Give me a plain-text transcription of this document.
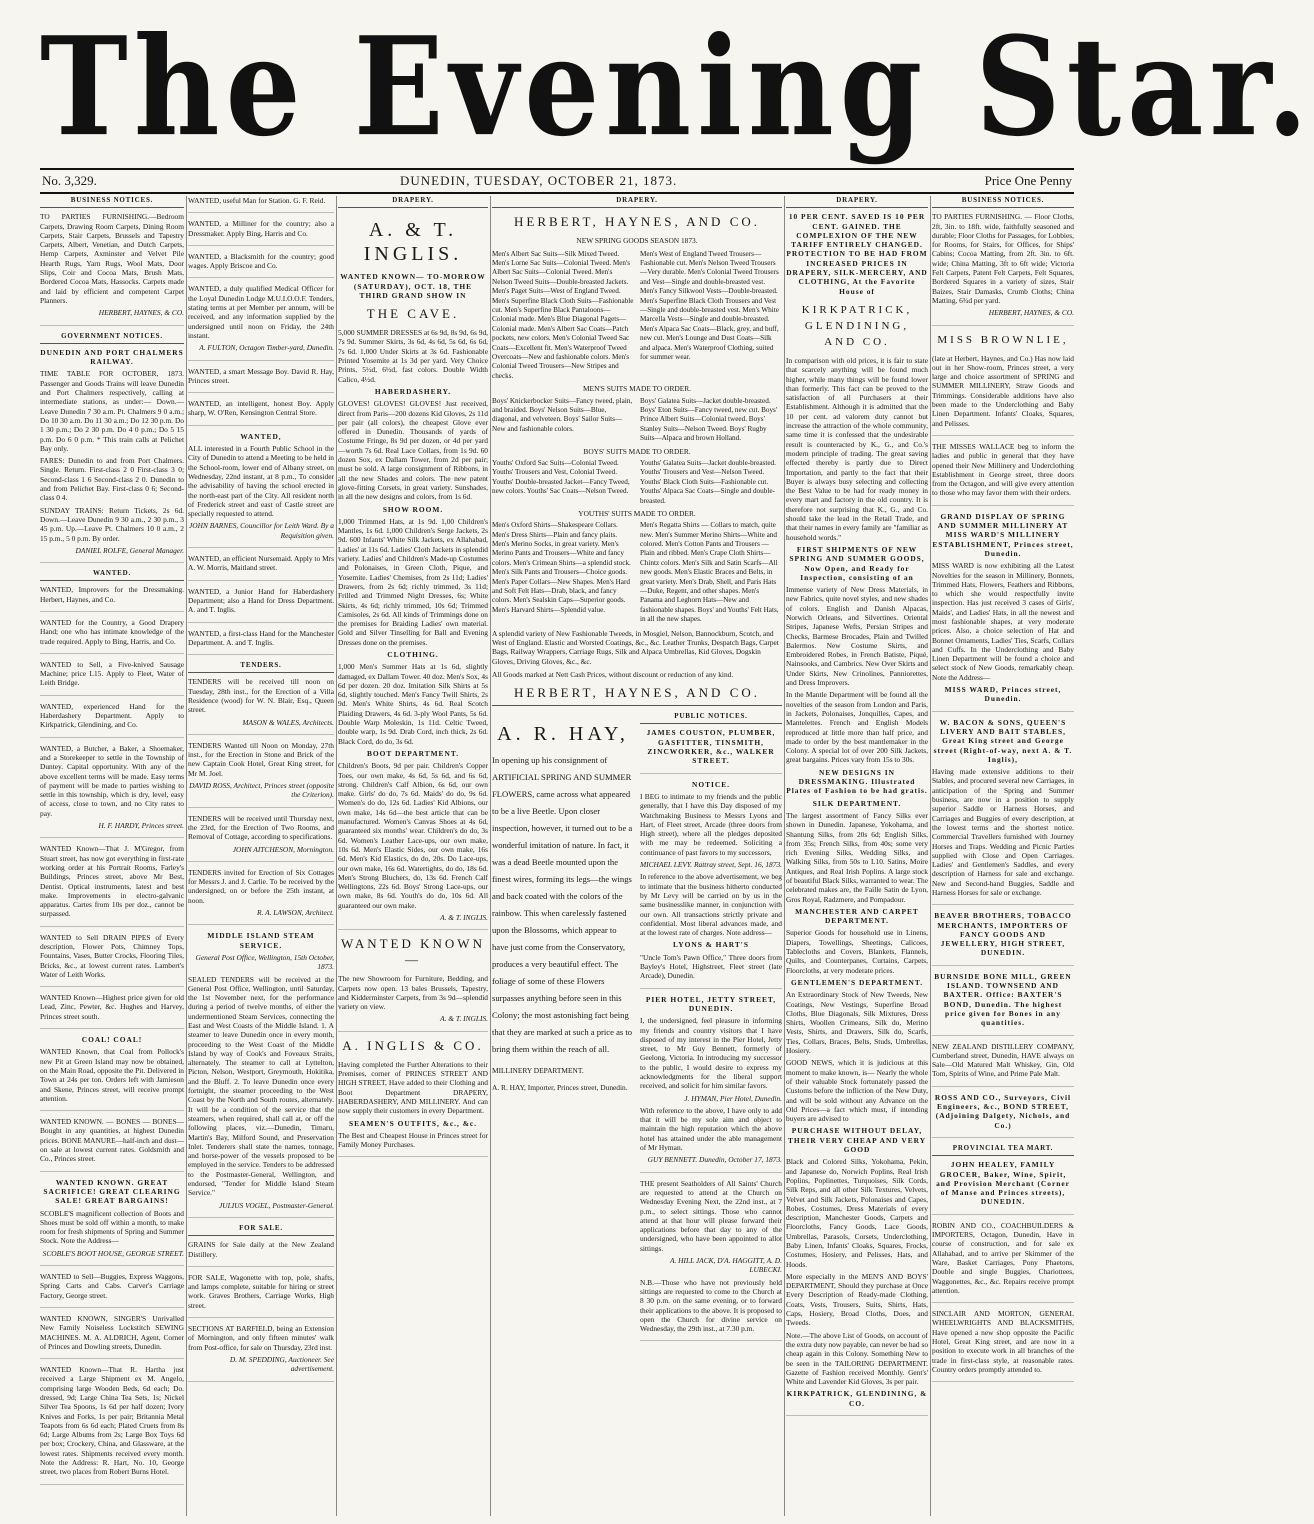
The Evening Star.
No. 3,329.	DUNEDIN, TUESDAY, OCTOBER 21, 1873.	Price One Penny
BUSINESS NOTICES.

TO PARTIES FURNISHING.—Bedroom Carpets, Drawing Room Carpets, Dining Room Carpets, Stair Carpets, Brussels and Tapestry Carpets, Albert, Venetian, and Dutch Carpets, Hemp Carpets, Axminster and Velvet Pile Hearth Rugs, Yarn Rugs, Wool Mats, Door Slips, Coir and Cocoa Mats, Brush Mats, Bordered Cocoa Mats, Hassocks. Carpets made and laid by efficient and competent Carpet Planners.

HERBERT, HAYNES, & CO.

GOVERNMENT NOTICES.

DUNEDIN AND PORT CHALMERS RAILWAY.

TIME TABLE FOR OCTOBER, 1873. Passenger and Goods Trains will leave Dunedin and Port Chalmers respectively, calling at intermediate stations, as under:— Down.—Leave Dunedin 7 30 a.m. Pt. Chalmers 9 0 a.m.; Do 10 30 a.m. Do 11 30 a.m.; Do 12 30 p.m. Do 1 30 p.m.; Do 2 30 p.m. Do 4 0 p.m.; Do 5 15 p.m. Do 6 0 p.m. * This train calls at Pelichet Bay only.

FARES: Dunedin to and from Port Chalmers. Single. Return. First-class 2 0 First-class 3 0; Second-class 1 6 Second-class 2 0. Dunedin to and from Pelichet Bay. First-class 0 6; Second-class 0 4.

SUNDAY TRAINS: Return Tickets, 2s 6d. Down.—Leave Dunedin 9 30 a.m., 2 30 p.m., 3 45 p.m. Up.—Leave Pt. Chalmers 10 0 a.m., 2 15 p.m., 5 0 p.m. By order.

DANIEL ROLFE, General Manager.

WANTED.

WANTED, Improvers for the Dressmaking. Herbert, Haynes, and Co.

WANTED for the Country, a Good Drapery Hand; one who has intimate knowledge of the trade required. Apply to Bing, Harris, and Co.

WANTED to Sell, a Five-knived Sausage Machine; price L15. Apply to Fleet, Water of Leith Bridge.

WANTED, experienced Hand for the Haberdashery Department. Apply to Kirkpatrick, Glendining, and Co.

WANTED, a Butcher, a Baker, a Shoemaker, and a Storekeeper to settle in the Township of Duntey. Capital opportunity. With any of the above excellent terms will be made. Easy terms of payment will be made to parties wishing to settle in this township, which is dry, level, easy of access, close to town, and no City rates to pay.

H. F. HARDY, Princes street.

WANTED Known—That J. M'Gregor, from Stuart street, has now got everything in first-rate working order at his Portrait Rooms, Farley's Buildings, Princes street, above Mr Best, Dentist. Optical instruments, latest and best make. Improvements in electro-galvanic apparatus. Cartes from 10s per doz., cannot be surpassed.

WANTED to Sell DRAIN PIPES of Every description, Flower Pots, Chimney Tops, Fountains, Vases, Butter Crocks, Flooring Tiles, Bricks, &c., at lowest current rates. Lambert's Water of Leith Works.

WANTED Known—Highest price given for old Lead, Zinc, Pewter, &c. Hughes and Harvey, Princes street south.

COAL! COAL!

WANTED Known, that Coal from Pollock's new Pit at Green Island may now be obtained, on the Main Road, opposite the Pit. Delivered in Town at 24s per ton. Orders left with Jamieson and Skene, Princes street, will receive prompt attention.

WANTED KNOWN. — BONES — BONES—Bought in any quantities, at highest Dunedin prices. BONE MANURE—half-inch and dust—on sale at lowest current rates. Goldsmith and Co., Princes street.

WANTED KNOWN. GREAT SACRIFICE! GREAT CLEARING SALE! GREAT BARGAINS!

SCOBLE'S magnificent collection of Boots and Shoes must be sold off within a month, to make room for fresh shipments of Spring and Summer Stock. Note the Address—

SCOBLE'S BOOT HOUSE, GEORGE STREET.

WANTED to Sell—Buggies, Express Waggons, Spring Carts and Cabs. Carver's Carriage Factory, George street.

WANTED KNOWN, SINGER'S Unrivalled New Family Noiseless Lockstitch SEWING MACHINES. M. A. ALDRICH, Agent, Corner of Princes and Dowling streets, Dunedin.

WANTED Known—That R. Hartha just received a Large Shipment ex M. Angelo, comprising large Wooden Beds, 6d each; Do. dressed, 9d; Large China Tea Sets, 1s; Nickel Silver Tea Spoons, 1s 6d per half dozen; Ivory Knives and Forks, 1s per pair; Britannia Metal Teapots from 6s 6d each; Plated Cruets from 8s 6d; Large Albums from 2s; Large Box Toys 6d per box; Crockery, China, and Glassware, at the lowest rates. Shipments received every month. Note the Address: R. Hart, No. 10, George street, two places from Robert Burns Hotel.

WANTED, useful Man for Station. G. F. Reid.

WANTED, a Milliner for the country; also a Dressmaker. Apply Bing, Harris and Co.

WANTED, a Blacksmith for the country; good wages. Apply Briscoe and Co.

WANTED, a duly qualified Medical Officer for the Loyal Dunedin Lodge M.U.I.O.O.F. Tenders, stating terms at per Member per annum, will be received, and any information supplied by the undersigned until noon on Friday, the 24th instant.

A. FULTON, Octagon Timber-yard, Dunedin.

WANTED, a smart Message Boy. David R. Hay, Princes street.

WANTED, an intelligent, honest Boy. Apply sharp, W. O'Ren, Kensington Central Store.

WANTED,

ALL interested in a Fourth Public School in the City of Dunedin to attend a Meeting to be held in the School-room, lower end of Albany street, on Wednesday, 22nd instant, at 8 p.m., To consider the advisability of having the school erected in the north-east part of the City. All resident north of Frederick street and east of Castle street are specially requested to attend.

JOHN BARNES, Councillor for Leith Ward. By a Requisition given.

WANTED, an efficient Nursemaid. Apply to Mrs A. W. Morris, Maitland street.

WANTED, a Junior Hand for Haberdashery Department; also a Hand for Dress Department. A. and T. Inglis.

WANTED, a first-class Hand for the Manchester Department. A. and T. Inglis.

TENDERS.

TENDERS will be received till noon on Tuesday, 28th inst., for the Erection of a Villa Residence (wood) for W. N. Blair, Esq., Queen street.

MASON & WALES, Architects.

TENDERS Wanted till Noon on Monday, 27th inst., for the Erection in Stone and Brick of the new Captain Cook Hotel, Great King street, for Mr M. Joel.

DAVID ROSS, Architect, Princes street (opposite the Criterion).

TENDERS will be received until Thursday next, the 23rd, for the Erection of Two Rooms, and Removal of Cottage, according to specifications.

JOHN AITCHESON, Mornington.

TENDERS invited for Erection of Six Cottages for Messrs J. and J. Carlie. To be received by the undersigned, on or before the 25th instant, at noon.

R. A. LAWSON, Architect.

MIDDLE ISLAND STEAM SERVICE.

General Post Office, Wellington, 15th October, 1873.

SEALED TENDERS will be received at the General Post Office, Wellington, until Saturday, the 1st November next, for the performance during a period of twelve months, of either the undermentioned Steam Services, connecting the East and West Coasts of the Middle Island. 1. A steamer to leave Dunedin once in every month, proceeding to the West Coast of the Middle Island by way of Cook's and Foveaux Straits, alternately. The steamer to call at Lyttelton, Picton, Nelson, Westport, Greymouth, Hokitika, and the Bluff. 2. To leave Dunedin once every fortnight, the steamer proceeding to the West Coast by the North and South routes, alternately. It will be a condition of the service that the steamers, when required, shall call at, or off the following places, viz.—Dunedin, Timaru, Martin's Bay, Milford Sound, and Preservation Inlet. Tenderers shall state the names, tonnage, and horse-power of the vessels proposed to be employed in the service. Tenders to be addressed to the Postmaster-General, Wellington, and endorsed, "Tender for Middle Island Steam Service."

JULIUS VOGEL, Postmaster-General.

FOR SALE.

GRAINS for Sale daily at the New Zealand Distillery.

FOR SALE, Wagonette with top, pole, shafts, and lamps complete, suitable for hiring or street work. Graves Brothers, Carriage Works, High street.

SECTIONS AT BARFIELD, being an Extension of Mornington, and only fifteen minutes' walk from Post-office, for sale on Thursday, 23rd inst.

D. M. SPEDDING, Auctioneer. See advertisement.

DRAPERY.
A. & T. INGLIS.

WANTED KNOWN— TO-MORROW (SATURDAY), OCT. 18, THE THIRD GRAND SHOW IN

THE CAVE.

5,000 SUMMER DRESSES at 6s 9d, 8s 9d, 6s 9d, 7s 9d. Summer Skirts, 3s 6d, 4s 6d, 5s 6d, 6s 6d, 7s 6d. 1,000 Under Skirts at 3s 6d. Fashionable Printed Yosemite at 1s 3d per yard. Very Choice Prints, 5½d, 6½d, fast colors. Double Width Calico, 4½d.

HABERDASHERY.

GLOVES! GLOVES! GLOVES! Just received, direct from Paris—200 dozens Kid Gloves, 2s 11d per pair (all colors), the cheapest Glove ever offered in Dunedin. Thousands of yards of Costume Fringe, 8s 9d per dozen, or 4d per yard—worth 7s 6d. Real Lace Collars, from 1s 9d. 60 dozen Sox, ex Dallam Tower, from 2d per pair; must be sold. A large consignment of Ribbons, in all the new Shades and colors. The new patent glove-fitting Corsets, in great variety. Sunshades, in all the new designs and colors, from 1s 6d.

SHOW ROOM.

1,000 Trimmed Hats, at 1s 9d. 1,00 Children's Mantles, 1s 6d. 1,000 Children's Serge Jackets, 2s 9d. 600 Infants' White Silk Jackets, ex Allahabad, Ladies' at 11s 6d. Ladies' Cloth Jackets in splendid variety. Ladies' and Children's Made-up Costumes and Polonaises, in Green Cloth, Pique, and Yosemite. Ladies' Chemises, from 2s 11d; Ladies' Drawers, from 2s 6d; richly trimmed, 3s 11d; Frilled and Trimmed Night Dresses, 6s; White Skirts, 4s 6d; richly trimmed, 10s 6d; Trimmed Camisoles, 2s 6d. All kinds of Trimmings done on the premises for Braiding Ladies' own material. Gold and Silver Tinselling for Ball and Evening Dresses done on the premises.

CLOTHING.

1,000 Men's Summer Hats at 1s 6d, slightly damaged, ex Dallam Tower. 40 doz. Men's Sox, 4s 6d per dozen. 20 doz. Imitation Silk Shirts at 5s 6d, slightly touched. Men's Fancy Twill Shirts, 2s 9d. Men's White Shirts, 4s 6d. Real Scotch Plaiding Drawers, 4s 6d. 3-ply Wool Pants, 5s 6d. Double Warp Moleskin, 1s 11d. Celtic Tweed, double warp, 1s 9d. Drab Cord, inch thick, 2s 6d. Black Cord, do do, 3s 6d.

BOOT DEPARTMENT.

Children's Boots, 9d per pair. Children's Copper Toes, our own make, 4s 6d, 5s 6d, and 6s 6d, strong. Children's Calf Albion, 6s 6d, our own make. Girls' do do, 7s 6d. Maids' do do, 9s 6d. Women's do do, 12s 6d. Ladies' Kid Albions, our own make, 14s 6d—the best article that can be manufactured. Women's Canvas Shoes at 4s 6d, guaranteed six months' wear. Children's do do, 3s 6d. Women's Leather Lace-ups, our own make, 10s 6d. Men's Elastic Sides, our own make, 16s 6d. Men's Kid Elastics, do do, 20s. Do Lace-ups, our own make, 16s 6d. Watertights, do do, 18s 6d. Men's Strong Bluchers, do, 13s 6d. French Calf Wellingtons, 22s 6d. Boys' Strong Lace-ups, our own make, 8s 6d. Youth's do do, 10s 6d. All guaranteed our own make.

A. & T. INGLIS.

WANTED KNOWN—

The new Showroom for Furniture, Bedding, and Carpets now open. 13 bales Brussels, Tapestry, and Kidderminster Carpets, from 3s 9d—splendid variety on view.

A. & T. INGLIS.

A. INGLIS & CO.

Having completed the Further Alterations to their Premises, corner of PRINCES STREET AND HIGH STREET, Have added to their Clothing and Boot Department DRAPERY, HABERDASHERY, AND MILLINERY. And can now supply their customers in every Department.

SEAMEN'S OUTFITS, &c., &c.

The Best and Cheapest House in Princes street for Family Money Purchases.

DRAPERY.
HERBERT, HAYNES, AND CO.

NEW SPRING GOODS SEASON 1873.

Men's Albert Sac Suits—Silk Mixed Tweed. Men's Lorne Sac Suits—Colonial Tweed. Men's Albert Sac Suits—Colonial Tweed. Men's Nelson Tweed Suits—Double-breasted Jackets. Men's Paget Suits—West of England Tweed. Men's Superfine Black Cloth Suits—Fashionable cut. Men's Superfine Black Pantaloons—Colonial made. Men's Blue Diagonal Pagets—Colonial made. Men's Albert Sac Coats—Patch pockets, new colors. Men's Colonial Tweed Sac Coats—Excellent fit. Men's Waterproof Tweed Overcoats—New and fashionable colors. Men's Colonial Tweed Trousers—New Stripes and checks.
Men's West of England Tweed Trousers—Fashionable cut. Men's Nelson Tweed Trousers—Very durable. Men's Colonial Tweed Trousers and Vest—Single and double-breasted vest. Men's Fancy Silkwool Vests—Double-breasted. Men's Superfine Black Cloth Trousers and Vest—Single and double-breasted vest. Men's White Marcella Vests—Single and double-breasted. Men's Alpaca Sac Coats—Black, grey, and buff, new cut. Men's Lounge and Dust Coats—Silk and alpaca. Men's Waterproof Clothing, suited for summer wear.

MEN'S SUITS MADE TO ORDER.

Boys' Knickerbocker Suits—Fancy tweed, plain, and braided. Boys' Nelson Suits—Blue, diagonal, and velveteen. Boys' Sailor Suits—New and fashionable colors.
Boys' Galatea Suits—Jacket double-breasted. Boys' Eton Suits—Fancy tweed, new cut. Boys' Prince Albert Suits—Colonial tweed. Boys' Stanley Suits—Nelson Tweed. Boys' Rugby Suits—Alpaca and brown Holland.

BOYS' SUITS MADE TO ORDER.

Youths' Oxford Sac Suits—Colonial Tweed. Youths' Trousers and Vest, Colonial Tweed. Youths' Double-breasted Jacket—Fancy Tweed, new colors. Youths' Sac Coats—Nelson Tweed.
Youths' Galatea Suits—Jacket double-breasted. Youths' Trousers and Vest—Nelson Tweed. Youths' Black Cloth Suits—Fashionable cut. Youths' Alpaca Sac Coats—Single and double-breasted.

YOUTHS' SUITS MADE TO ORDER.

Men's Oxford Shirts—Shakespeare Collars. Men's Dress Shirts—Plain and fancy plaits. Men's Merino Socks, in great variety. Men's Merino Pants and Trousers—White and fancy colors. Men's Crimean Shirts—a splendid stock. Men's Silk Pants and Trousers—Choice goods. Men's Paper Collars—New Shapes. Men's Hard and Soft Felt Hats—Drab, black, and fancy colors. Men's Sealskin Caps—Superior goods. Men's Harvard Shirts—Splendid value.
Men's Regatta Shirts — Collars to match, quite new. Men's Summer Merino Shirts—White and colored. Men's Cotton Pants and Trousers — Plain and ribbed. Men's Crape Cloth Shirts—Chintz colors. Men's Silk and Satin Scarfs—All new goods. Men's Elastic Braces and Belts, in great variety. Men's Drab, Shell, and Paris Hats—Duke, Regent, and other shapes. Men's Panama and Leghorn Hats—New and fashionable shapes. Boys' and Youths' Felt Hats, in all the new shapes.

A splendid variety of New Fashionable Tweeds, in Mosgiel, Nelson, Bannockburn, Scotch, and West of England. Elastic and Worsted Coatings, &c., &c. Leather Trunks, Despatch Bags, Carpet Bags, Railway Wrappers, Carriage Rugs, Silk and Alpaca Umbrellas, Kid Gloves, Dogskin Gloves, Driving Gloves, &c., &c.

All Goods marked at Nett Cash Prices, without discount or reduction of any kind.

HERBERT, HAYNES, AND CO.
A. R. HAY,

In opening up his consignment of ARTIFICIAL SPRING AND SUMMER FLOWERS, came across what appeared to be a live Beetle. Upon closer inspection, however, it turned out to be a wonderful imitation of nature. In fact, it was a dead Beetle mounted upon the finest wires, forming its legs—the wings and back coated with the colors of the rainbow. This when carelessly fastened upon the Blossoms, which appear to have just come from the Conservatory, produces a very beautiful effect. The foliage of some of these Flowers surpasses anything before seen in this Colony; the most astonishing fact being that they are marked at such a price as to bring them within the reach of all.

MILLINERY DEPARTMENT.

A. R. HAY, Importer, Princes street, Dunedin.

PUBLIC NOTICES.

JAMES COUSTON, PLUMBER, GASFITTER, TINSMITH, ZINCWORKER, &c., WALKER STREET.

NOTICE.

I BEG to intimate to my friends and the public generally, that I have this Day disposed of my Watchmaking Business to Messrs Lyons and Hart, of Fleet street, Arcade (three doors from High street), where all the pledges deposited with me may be redeemed. Soliciting a continuance of past favors to my successors,

MICHAEL LEVY. Rattray street, Sept. 16, 1873.

In reference to the above advertisement, we beg to intimate that the business hitherto conducted by Mr Levy will be carried on by us in the same businesslike manner, in conjunction with our own. All transactions strictly private and confidential. Most liberal advances made, and at the lowest rate of charges. Note address—

LYONS & HART'S

"Uncle Tom's Pawn Office," Three doors from Bayley's Hotel, Highstreet, Fleet street (late Arcade), Dunedin.

PIER HOTEL, JETTY STREET, DUNEDIN.

I, the undersigned, feel pleasure in informing my friends and country visitors that I have disposed of my interest in the Pier Hotel, Jetty street, to Mr Guy Bennett, formerly of Geelong, Victoria. In introducing my successor to the public, I would desire to express my acknowledgments for the liberal support received, and solicit for him similar favors.

J. HYMAN, Pier Hotel, Dunedin.

With reference to the above, I have only to add that it will be my sole aim and object to maintain the high reputation which the above hotel has attained under the able management of Mr Hyman.

GUY BENNETT. Dunedin, October 17, 1873.

THE present Seatholders of All Saints' Church are requested to attend at the Church on Wednesday Evening Next, the 22nd inst., at 7 p.m., to select sittings. Those who cannot attend at that hour will please forward their applications before that day to any of the undersigned, who have been appointed to allot sittings.

A. HILL JACK, D'A. HAGGITT, A. D. LUBECKI.

N.B.—Those who have not previously held sittings are requested to come to the Church at 8 30 p.m. on the same evening, or to forward their applications to the above. It is proposed to open the Church for divine service on Wednesday, the 29th inst., at 7.30 p.m.

DRAPERY.

10 PER CENT. SAVED IS 10 PER CENT. GAINED. THE COMPLEXION OF THE NEW TARIFF ENTIRELY CHANGED. PROTECTION TO BE HAD FROM INCREASED PRICES IN DRAPERY, SILK-MERCERY, AND CLOTHING, At the Favorite House of

KIRKPATRICK, GLENDINING, AND CO.

In comparison with old prices, it is fair to state that scarcely anything will be found much higher, while many things will be found lower than formerly. This fact can be proved to the satisfaction of all Purchasers at their Establishment. Although it is admitted that the 10 per cent. ad valorem duty cannot but increase the attraction of the whole community, same time it is confessed that the undesirable result is counteracted by K., G., and Co.'s modern principle of trading. The great saving effected thereby is partly due to Direct Importation, and partly to the fact that their Buyer is always busy selecting and collecting the Best Value to be had for ready money in every mart and factory in the old country. It is therefore not surprising that K., G., and Co. should take the lead in the Retail Trade, and that their names in every family are "familiar as household words."

FIRST SHIPMENTS OF NEW SPRING AND SUMMER GOODS, Now Open, and Ready for Inspection, consisting of an

Immense variety of New Dress Materials, in new Fabrics, quite novel styles, and new shades of colors. English and Danish Alpacas, Norwich Orleans, and Silvertines. Oriental Stripes, Japanese Wefts, Persian Stripes and Checks, Barmese Brocades, Plain and Twilled Balermos. New Costume Skirts, and Embroidered Robes, in French Batiste, Piqué, Nainsooks, and Cambrics. New Over Skirts and Under Skirts, New Crinolines, Panniorettes, and Dress Improvers.

In the Mantle Department will be found all the novelties of the season from London and Paris, in Jackets, Polonaises, Jonquilles, Capes, and Mantelettes. French and English Models reproduced at little more than half price, and made to order by the best mantlemaker in the Colony. A special lot of over 200 Silk Jackets, great bargains. Prices vary from 15s to 30s.

NEW DESIGNS IN DRESSMAKING. Illustrated Plates of Fashion to be had gratis.

SILK DEPARTMENT.

The largest assortment of Fancy Silks ever shown in Dunedin. Japanese, Yokohama, and Shantung Silks, from 20s 6d; English Silks, from 35s; French Silks, from 40s; some very rich Evening Silks, Wedding Silks, and Walking Silks, from 50s to L10. Satins, Moire Antiques, and Real Irish Poplins. A large stock of beautiful Black Silks, warranted to wear. The celebrated makes are, the Faille Satin de Lyon, Gros Royal, Radzmere, and Pompadour.

MANCHESTER AND CARPET DEPARTMENT.

Superior Goods for household use in Linens, Diapers, Towellings, Sheetings, Calicoes, Tablecloths and Covers, Blankets, Flannels, Quilts, and Counterpanes, Curtains, Carpets, Floorcloths, at very moderate prices.

GENTLEMEN'S DEPARTMENT.

An Extraordinary Stock of New Tweeds, New Coatings, New Vestings, Superfine Broad Cloths, Blue Diagonals, Silk Mixtures, Dress Shirts, Woollen Crimeans, Silk do, Merino Vests, Shirts, and Drawers, Silk do, Scarfs, Ties, Collars, Braces, Belts, Studs, Umbrellas, Hosiery.

GOOD NEWS, which it is judicious at this moment to make known, is— Nearly the whole of their valuable Stock fortunately passed the Customs before the infliction of the New Duty, and will be sold without any Advance on the Old Prices—a fact which must, if intending buyers are advised to

PURCHASE WITHOUT DELAY, THEIR VERY CHEAP AND VERY GOOD

Black and Colored Silks, Yokohama, Pekin, and Japanese do, Norwich Poplins, Real Irish Poplins, Poplinettes, Turquoises, Silk Cords, Silk Reps, and all other Silk Textures, Velvets, Velvet and Silk Jackets, Polonaises and Capes, Robes, Costumes, Dress Materials of every description, Manchester Goods, Carpets and Floorcloths, Fancy Goods, Lace Goods, Umbrellas, Parasols, Corsets, Underclothing, Baby Linen, Infants' Cloaks, Squares, Frocks, Costumes, Hosiery, and Pelisses, Hats, and Hoods.

More especially in the MEN'S AND BOYS' DEPARTMENT, Should they purchase at Once Every Description of Ready-made Clothing, Coats, Vests, Trousers, Suits, Shirts, Hats, Caps, Hosiery, Broad Cloths, Does, and Tweeds.

Note.—The above List of Goods, on account of the extra duty now payable, can never be had so cheap again in this Colony. Something New to be seen in the TAILORING DEPARTMENT. Gazette of Fashion received Monthly. Gent's' White and Lavender Kid Gloves, 3s per pair.

KIRKPATRICK, GLENDINING, & CO.

BUSINESS NOTICES.

TO PARTIES FURNISHING. — Floor Cloths, 2ft, 3in. to 18ft. wide, faithfully seasoned and durable; Floor Cloths for Passages, for Lobbies, for Rooms, for Stairs, for Offices, for Ships' Cabins; Cocoa Matting, from 2ft. 3in. to 6ft. wide; China Matting, 3ft to 6ft wide; Victoria Felt Carpets, Patent Felt Carpets, Felt Squares, Bordered Squares in a variety of sizes, Stair Baizes, Stair Damasks, Crumb Cloths; China Matting, 6¾d per yard.

HERBERT, HAYNES, & CO.

MISS BROWNLIE,

(late at Herbert, Haynes, and Co.) Has now laid out in her Show-room, Princes street, a very large and choice assortment of SPRING and SUMMER MILLINERY, Straw Goods and Trimmings. Considerable additions have also been made to the Underclothing and Baby Linen Department. Infants' Cloaks, Squares, and Pelisses.

THE MISSES WALLACE beg to inform the ladies and public in general that they have opened their New Millinery and Underclothing Establishment in George street, three doors from the Octagon, and will give every attention to those who may favor them with their orders.

GRAND DISPLAY OF SPRING AND SUMMER MILLINERY AT MISS WARD'S MILLINERY ESTABLISHMENT, Princes street, Dunedin.

MISS WARD is now exhibiting all the Latest Novelties for the season in Millinery, Bonnets, Trimmed Hats, Flowers, Feathers and Ribbons, to which she would respectfully invite inspection. Has just received 3 cases of Girls', Maids', and Ladies' Hats, in all the newest and most fashionable shapes, at very moderate prices. Also, a choice selection of Hat and Bonnet Ornaments, Ladies' Ties, Scarfs, Collars and Cuffs. In the Underclothing and Baby Linen Department will be found a choice and select stock of New Goods, remarkably cheap. Note the Address—

MISS WARD, Princes street, Dunedin.

W. BACON & SONS, QUEEN'S LIVERY AND BAIT STABLES, Great King street and George street (Right-of-way, next A. & T. Inglis),

Having made extensive additions to their Stables, and procured several new Carriages, in anticipation of the Spring and Summer business, are now in a position to supply superior Saddle or Harness Horses, and Carriages and Buggies of every description, at the lowest terms and the shortest notice. Commercial Travellers furnished with Journey Horses and Traps. Wedding and Picnic Parties supplied with Close and Open Carriages. Ladies' and Gentlemen's Saddles, and every description of Harness for sale and exchange. New and Second-hand Buggies, Saddle and Harness Horses for sale or exchange.

BEAVER BROTHERS, TOBACCO MERCHANTS, IMPORTERS OF FANCY GOODS AND JEWELLERY, HIGH STREET, DUNEDIN.

BURNSIDE BONE MILL, GREEN ISLAND. TOWNSEND AND BAXTER. Office: BAXTER'S BOND, Dunedin. The highest price given for Bones in any quantities.

NEW ZEALAND DISTILLERY COMPANY, Cumberland street, Dunedin, HAVE always on Sale—Old Matured Malt Whiskey, Gin, Old Tom, Spirits of Wine, and Prime Pale Malt.

ROSS AND CO., Surveyors, Civil Engineers, &c., BOND STREET, (Adjoining Dalgety, Nichols, and Co.)

PROVINCIAL TEA MART.

JOHN HEALEY, FAMILY GROCER, Baker, Wine, Spirit, and Provision Merchant (Corner of Manse and Princes streets), DUNEDIN.

ROBIN AND CO., COACHBUILDERS & IMPORTERS, Octagon, Dunedin, Have in course of construction, and for sale ex Allahabad, and to arrive per Skimmer of the Ware, Basket Carriages, Pony Phaetons, Double and single Buggies, Chariottees, Waggonettes, &c., &c. Repairs receive prompt attention.

SINCLAIR AND MORTON, GENERAL WHEELWRIGHTS AND BLACKSMITHS, Have opened a new shop opposite the Pacific Hotel, Great King street, and are now in a position to execute work in all branches of the trade in first-class style, at reasonable rates. Country orders promptly attended to.
